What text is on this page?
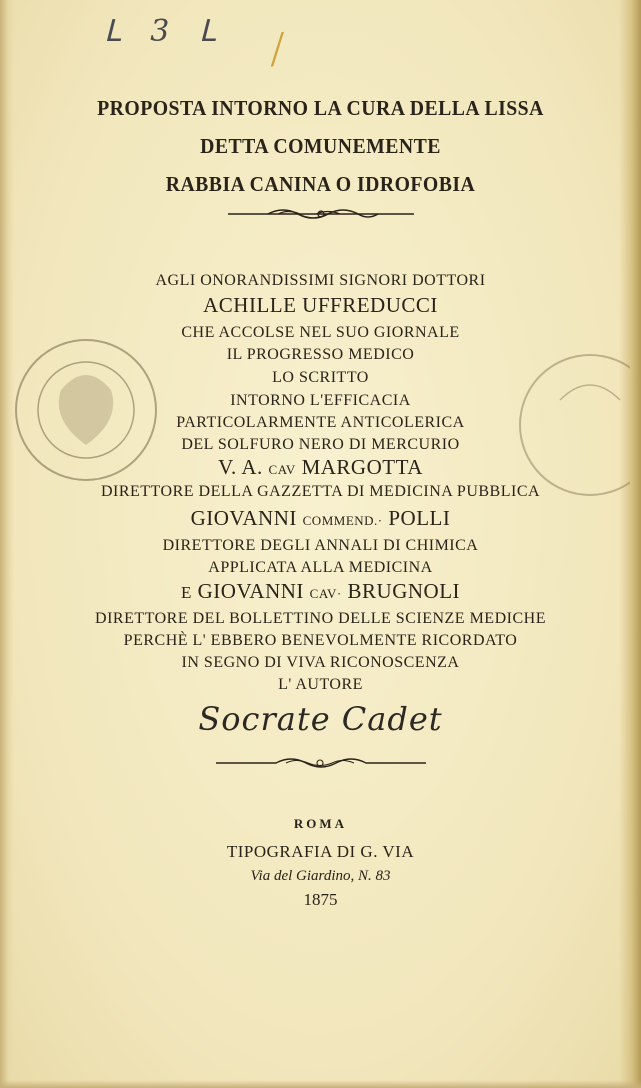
ᒪ 3 ᒪ /
PROPOSTA INTORNO LA CURA DELLA LISSA
DETTA COMUNEMENTE
RABBIA CANINA O IDROFOBIA
AGLI ONORANDISSIMI SIGNORI DOTTORI
ACHILLE UFFREDUCCI
CHE ACCOLSE NEL SUO GIORNALE
IL PROGRESSO MEDICO
LO SCRITTO
INTORNO L'EFFICACIA
PARTICOLARMENTE ANTICOLERICA
DEL SOLFURO NERO DI MERCURIO
V. A. CAV MARGOTTA
DIRETTORE DELLA GAZZETTA DI MEDICINA PUBBLICA
GIOVANNI COMMEND.· POLLI
DIRETTORE DEGLI ANNALI DI CHIMICA
APPLICATA ALLA MEDICINA
E GIOVANNI CAV· BRUGNOLI
DIRETTORE DEL BOLLETTINO DELLE SCIENZE MEDICHE
PERCHÈ L' EBBERO BENEVOLMENTE RICORDATO
IN SEGNO DI VIVA RICONOSCENZA
L' AUTORE
Socrate Cadet
ROMA
TIPOGRAFIA DI G. VIA
Via del Giardino, N. 83
1875
